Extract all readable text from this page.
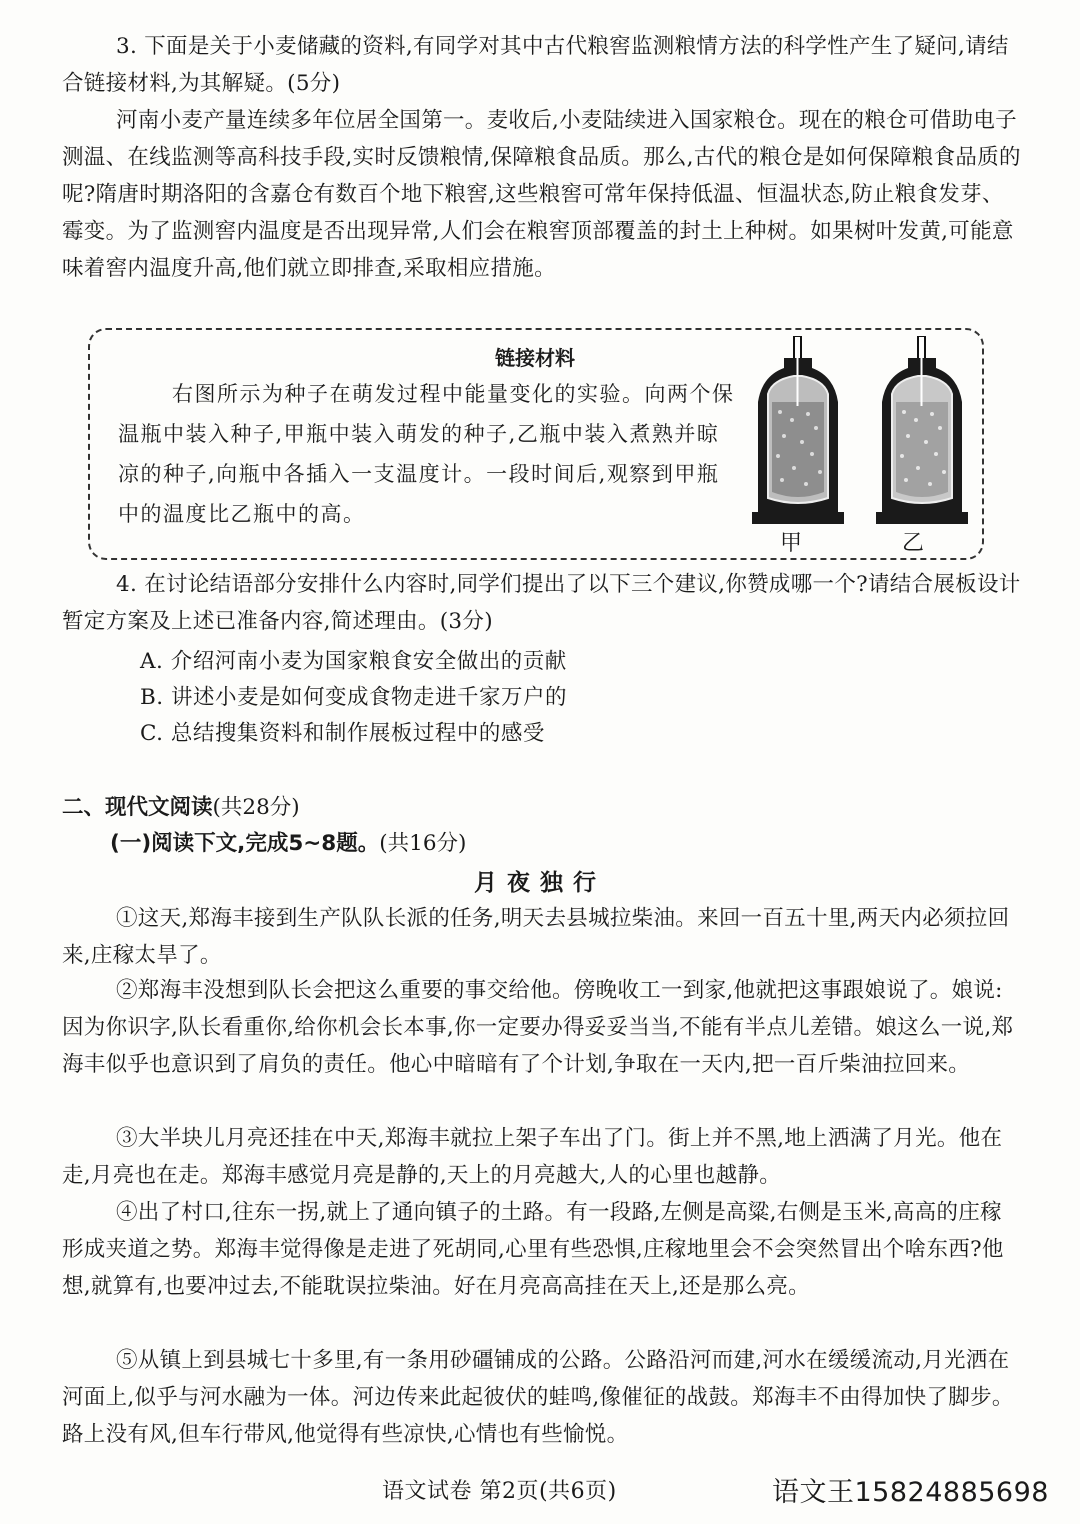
3. 下面是关于小麦储藏的资料,有同学对其中古代粮窖监测粮情方法的科学性产生了疑问,请结合链接材料,为其解疑。(5分)
河南小麦产量连续多年位居全国第一。麦收后,小麦陆续进入国家粮仓。现在的粮仓可借助电子测温、在线监测等高科技手段,实时反馈粮情,保障粮食品质。那么,古代的粮仓是如何保障粮食品质的呢?隋唐时期洛阳的含嘉仓有数百个地下粮窖,这些粮窖可常年保持低温、恒温状态,防止粮食发芽、霉变。为了监测窖内温度是否出现异常,人们会在粮窖顶部覆盖的封土上种树。如果树叶发黄,可能意味着窖内温度升高,他们就立即排查,采取相应措施。
链接材料
右图所示为种子在萌发过程中能量变化的实验。向两个保温瓶中装入种子,甲瓶中装入萌发的种子,乙瓶中装入煮熟并晾凉的种子,向瓶中各插入一支温度计。一段时间后,观察到甲瓶中的温度比乙瓶中的高。
甲	乙
4. 在讨论结语部分安排什么内容时,同学们提出了以下三个建议,你赞成哪一个?请结合展板设计暂定方案及上述已准备内容,简述理由。(3分)
A. 介绍河南小麦为国家粮食安全做出的贡献
B. 讲述小麦是如何变成食物走进千家万户的
C. 总结搜集资料和制作展板过程中的感受
二、现代文阅读(共28分)
(一)阅读下文,完成5~8题。(共16分)
月夜独行
①这天,郑海丰接到生产队队长派的任务,明天去县城拉柴油。来回一百五十里,两天内必须拉回来,庄稼太旱了。
②郑海丰没想到队长会把这么重要的事交给他。傍晚收工一到家,他就把这事跟娘说了。娘说:因为你识字,队长看重你,给你机会长本事,你一定要办得妥妥当当,不能有半点儿差错。娘这么一说,郑海丰似乎也意识到了肩负的责任。他心中暗暗有了个计划,争取在一天内,把一百斤柴油拉回来。
③大半块儿月亮还挂在中天,郑海丰就拉上架子车出了门。街上并不黑,地上洒满了月光。他在走,月亮也在走。郑海丰感觉月亮是静的,天上的月亮越大,人的心里也越静。
④出了村口,往东一拐,就上了通向镇子的土路。有一段路,左侧是高粱,右侧是玉米,高高的庄稼形成夹道之势。郑海丰觉得像是走进了死胡同,心里有些恐惧,庄稼地里会不会突然冒出个啥东西?他想,就算有,也要冲过去,不能耽误拉柴油。好在月亮高高挂在天上,还是那么亮。
⑤从镇上到县城七十多里,有一条用砂礓铺成的公路。公路沿河而建,河水在缓缓流动,月光洒在河面上,似乎与河水融为一体。河边传来此起彼伏的蛙鸣,像催征的战鼓。郑海丰不由得加快了脚步。路上没有风,但车行带风,他觉得有些凉快,心情也有些愉悦。
语文试卷 第2页(共6页)	语文王15824885698
